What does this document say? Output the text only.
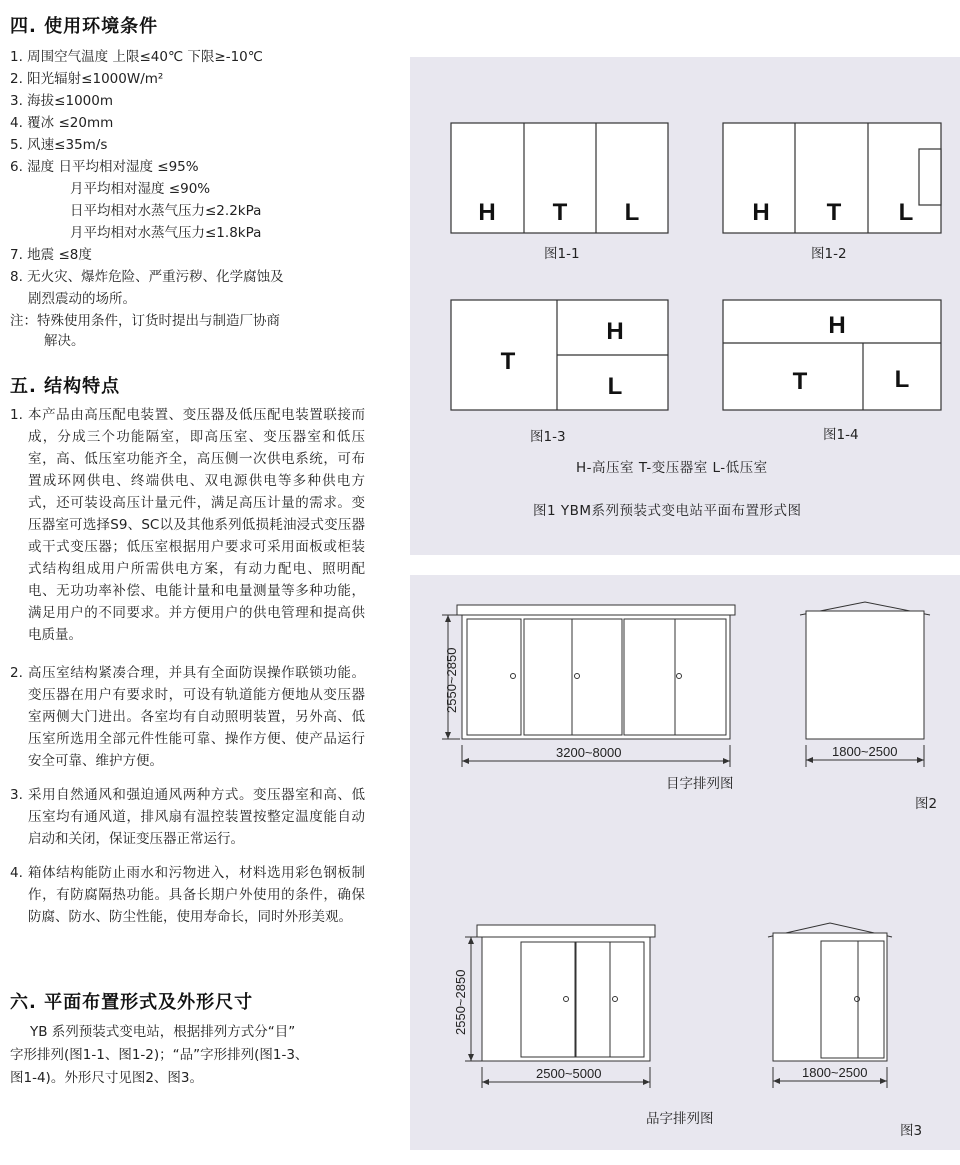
四. 使用环境条件
1. 周围空气温度 上限≤40℃ 下限≥-10℃
2. 阳光辐射≤1000W/m²
3. 海拔≤1000m
4. 覆冰 ≤20mm
5. 风速≤35m/s
6. 湿度 日平均相对湿度 ≤95%
月平均相对湿度 ≤90%
日平均相对水蒸气压力≤2.2kPa
月平均相对水蒸气压力≤1.8kPa
7. 地震 ≤8度
8. 无火灾、爆炸危险、严重污秽、化学腐蚀及
剧烈震动的场所。
注：特殊使用条件，订货时提出与制造厂协商
解决。
五. 结构特点
1. 本产品由高压配电装置、变压器及低压配电装置联接而成，分成三个功能隔室，即高压室、变压器室和低压室，高、低压室功能齐全，高压侧一次供电系统，可布置成环网供电、终端供电、双电源供电等多种供电方式，还可装设高压计量元件，满足高压计量的需求。变压器室可选择S9、SC以及其他系列低损耗油浸式变压器或干式变压器；低压室根据用户要求可采用面板或柜装式结构组成用户所需供电方案，有动力配电、照明配电、无功功率补偿、电能计量和电量测量等多种功能，满足用户的不同要求。并方便用户的供电管理和提高供电质量。
2. 高压室结构紧凑合理，并具有全面防误操作联锁功能。变压器在用户有要求时，可设有轨道能方便地从变压器室两侧大门进出。各室均有自动照明装置，另外高、低压室所选用全部元件性能可靠、操作方便、使产品运行安全可靠、维护方便。
3. 采用自然通风和强迫通风两种方式。变压器室和高、低压室均有通风道，排风扇有温控装置按整定温度能自动启动和关闭，保证变压器正常运行。
4. 箱体结构能防止雨水和污物进入，材料选用彩色钢板制作，有防腐隔热功能。具备长期户外使用的条件，确保防腐、防水、防尘性能，使用寿命长，同时外形美观。
六. 平面布置形式及外形尺寸
YB 系列预装式变电站，根据排列方式分“目”
字形排列(图1-1、图1-2)；“品”字形排列(图1-3、
图1-4)。外形尺寸见图2、图3。
H T L	H T L
T
H
L
H
T	L
图1-1	图1-2
图1-3	图1-4
H-高压室 T-变压器室 L-低压室
图1 YBM系列预装式变电站平面布置形式图
2550~2850
3200~8000	1800~2500
2550~2850
2500~5000	1800~2500
目字排列图
图2
品字排列图
图3
